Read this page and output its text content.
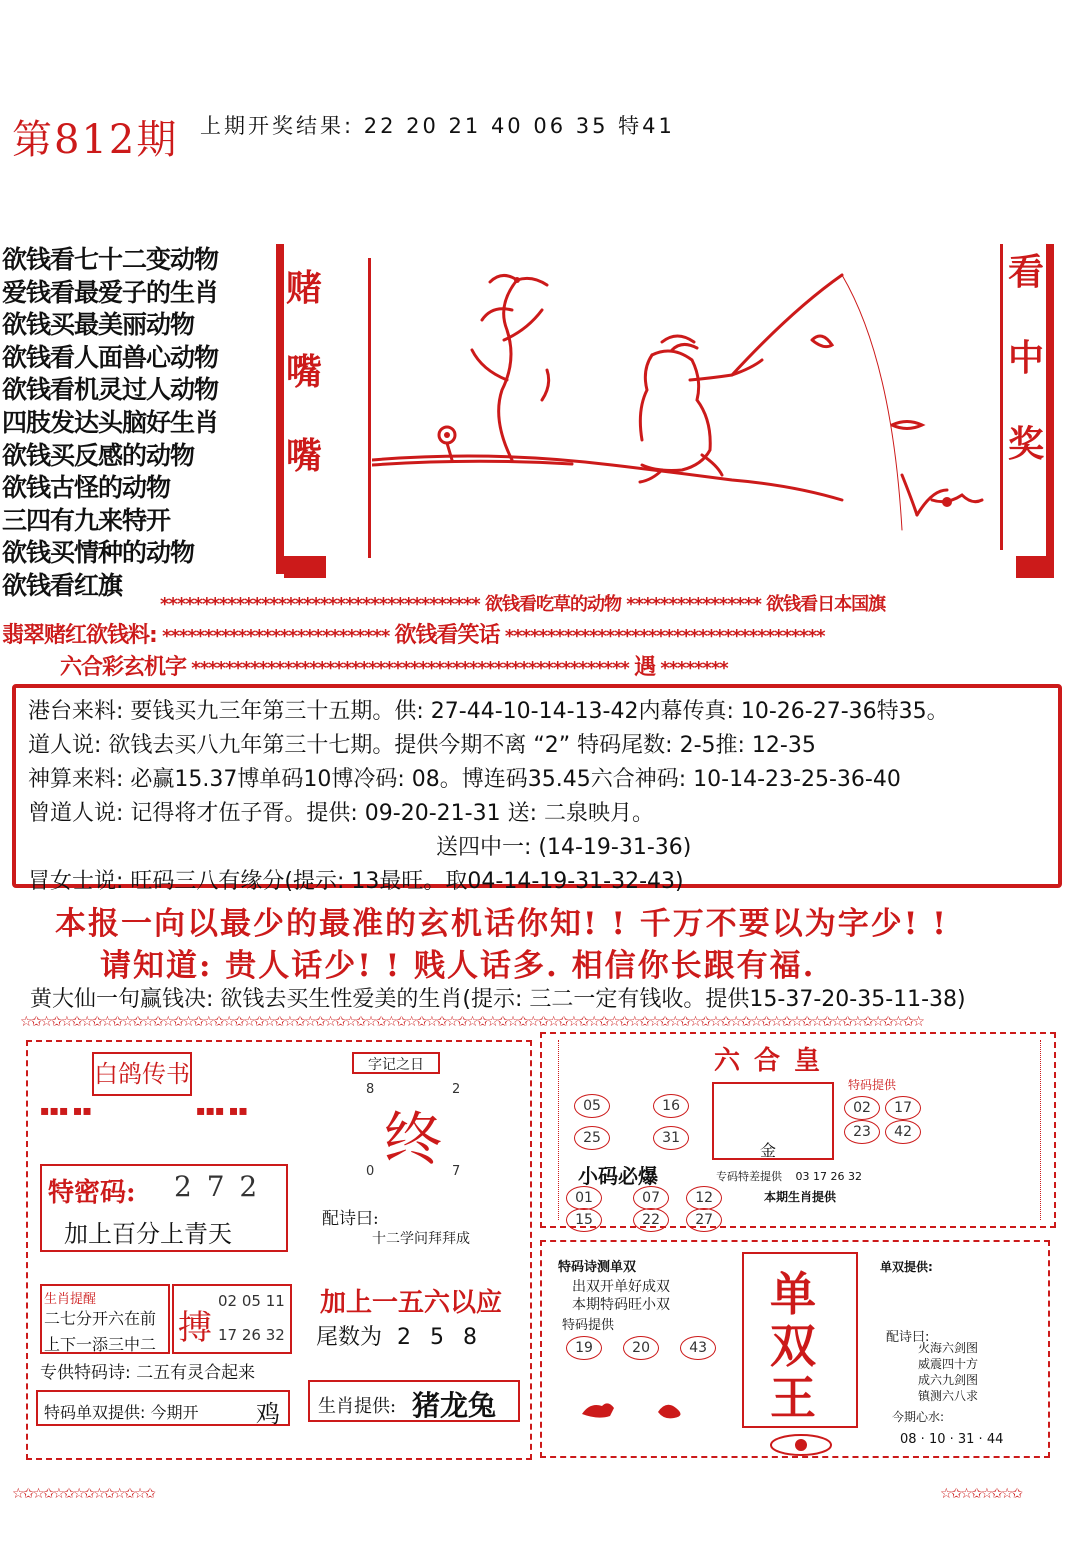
第812期 上期开奖结果: 22 20 21 40 06 35 特41
欲钱看七十二变动物
爱钱看最爱子的生肖
欲钱买最美丽动物
欲钱看人面兽心动物
欲钱看机灵过人动物
四肢发达头脑好生肖
欲钱买反感的动物
欲钱古怪的动物
三四有九来特开
欲钱买情种的动物
欲钱看红旗
赌
嘴
嘴
看
中
奖
************************************** 欲钱看吃草的动物 **************** 欲钱看日本国旗
翡翠赌红欲钱料: *************************** 欲钱看笑话 **************************************
六合彩玄机字 **************************************************** 遇 ********
港台来料: 要钱买九三年第三十五期。供: 27-44-10-14-13-42内幕传真: 10-26-27-36特35。
道人说: 欲钱去买八九年第三十七期。提供今期不离 “2” 特码尾数: 2-5推: 12-35
神算来料: 必赢15.37博单码10博冷码: 08。博连码35.45六合神码: 10-14-23-25-36-40
曾道人说: 记得将才伍子胥。提供: 09-20-21-31 送: 二泉映月。
送四中一: (14-19-31-36)
冒女士说: 旺码三八有缘分(提示: 13最旺。取04-14-19-31-32-43)
本报一向以最少的最准的玄机话你知! ! 千万不要以为字少! !
请知道: 贵人话少! ! 贱人话多. 相信你长跟有福.
黄大仙一句赢钱决: 欲钱去买生性爱美的生肖(提示: 三二一定有钱收。提供15-37-20-35-11-38)
☆✩☆✩☆✩☆✩☆✩☆✩☆✩☆✩☆✩☆✩☆✩☆✩☆✩☆✩☆✩☆✩☆✩☆✩☆✩☆✩☆✩☆✩☆✩☆✩☆✩☆✩☆✩☆✩☆✩☆✩☆✩☆✩☆✩☆✩☆✩☆✩☆✩☆✩☆✩☆✩☆✩☆✩☆✩☆✩☆
☆✩☆✩☆✩☆✩☆✩☆✩☆✩	☆✩☆✩☆✩☆✩
白鸽传书
▪▪▪ ▪▪	▪▪▪ ▪▪
特密码: 2 7 2
加上百分上青天
生肖提醒
二七分开六在前
上下一添三中二 搏
02 05 11
17 26 32
专供特码诗: 二五有灵合起来
特码单双提供: 今期开 鸡
字记之日
8	2
终
0	7
配诗曰:
十二学问拜拜成
加上一五六以应
尾数为 2 5 8
生肖提供: 猪龙兔
六合皇
05	16
25	31
金
特码提供
02 17
23 42
小码必爆	专码特差提供 03 17 26 32
01	07	12
15	22	27
本期生肖提供
特码诗测单双
出双开单好成双
本期特码旺小双
特码提供
19	20	43
单
双
王
单双提供:
配诗曰:
火海六剑图
威震四十方
成六九剑图
镇测六八求
今期心水:
08 · 10 · 31 · 44
